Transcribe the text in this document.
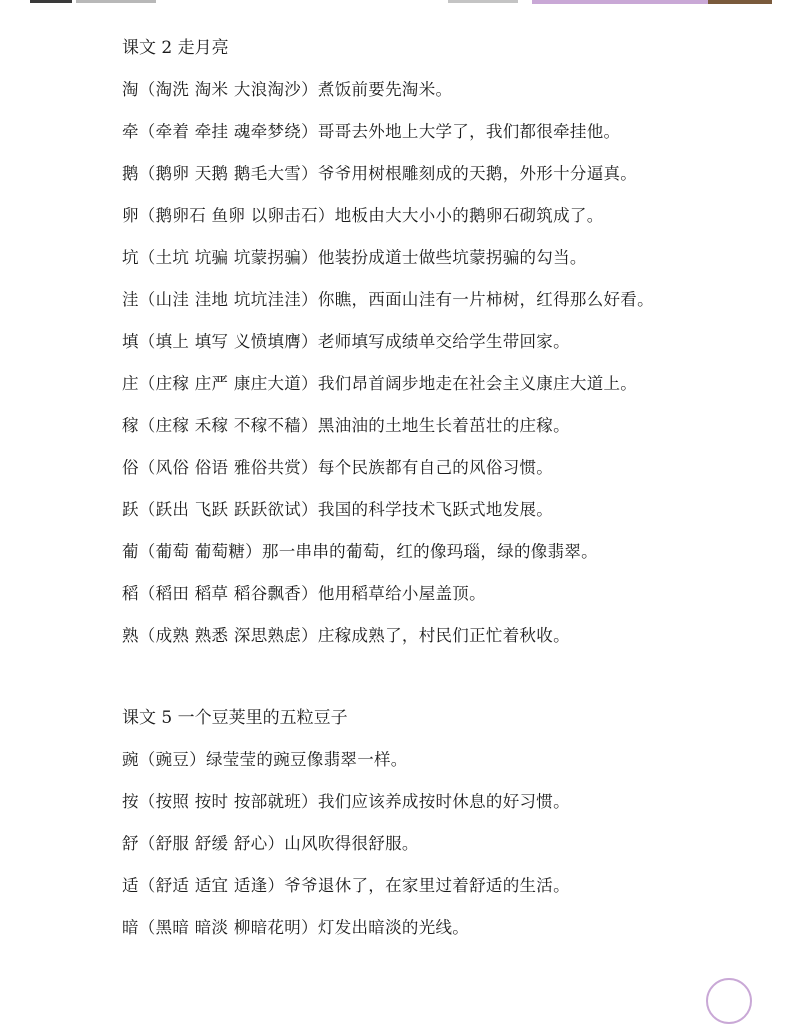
课文 2 走月亮
淘（淘洗 淘米 大浪淘沙）煮饭前要先淘米。
牵（牵着 牵挂 魂牵梦绕）哥哥去外地上大学了，我们都很牵挂他。
鹅（鹅卵 天鹅 鹅毛大雪）爷爷用树根雕刻成的天鹅，外形十分逼真。
卵（鹅卵石 鱼卵 以卵击石）地板由大大小小的鹅卵石砌筑成了。
坑（土坑 坑骗 坑蒙拐骗）他装扮成道士做些坑蒙拐骗的勾当。
洼（山洼 洼地 坑坑洼洼）你瞧，西面山洼有一片柿树，红得那么好看。
填（填上 填写 义愤填膺）老师填写成绩单交给学生带回家。
庄（庄稼 庄严 康庄大道）我们昂首阔步地走在社会主义康庄大道上。
稼（庄稼 禾稼 不稼不穑）黑油油的土地生长着茁壮的庄稼。
俗（风俗 俗语 雅俗共赏）每个民族都有自己的风俗习惯。
跃（跃出 飞跃 跃跃欲试）我国的科学技术飞跃式地发展。
葡（葡萄 葡萄糖）那一串串的葡萄，红的像玛瑙，绿的像翡翠。
稻（稻田 稻草 稻谷飘香）他用稻草给小屋盖顶。
熟（成熟 熟悉 深思熟虑）庄稼成熟了，村民们正忙着秋收。
课文 5 一个豆荚里的五粒豆子
豌（豌豆）绿莹莹的豌豆像翡翠一样。
按（按照 按时 按部就班）我们应该养成按时休息的好习惯。
舒（舒服 舒缓 舒心）山风吹得很舒服。
适（舒适 适宜 适逢）爷爷退休了，在家里过着舒适的生活。
暗（黑暗 暗淡 柳暗花明）灯发出暗淡的光线。
